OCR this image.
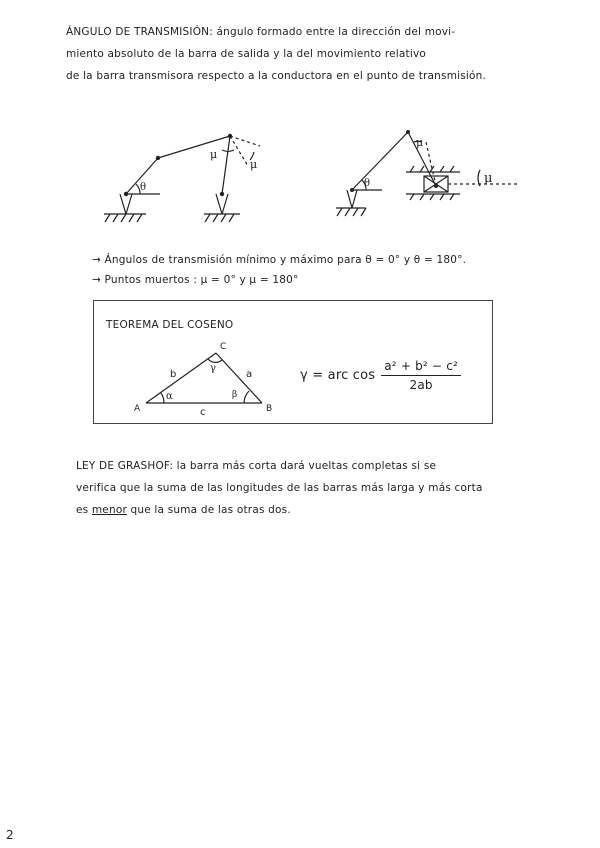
ÁNGULO DE TRANSMISIÓN: ángulo formado entre la dirección del movi-
miento absoluto de la barra de salida y la del movimiento relativo
de la barra transmisora respecto a la conductora en el punto de transmisión.
θ
μ
μ
θ
μ
μ
→ Ángulos de transmisión mínimo y máximo para θ = 0° y θ = 180°.
→ Puntos muertos : μ = 0° y μ = 180°
TEOREMA DEL COSENO
A	B
C
b	a
c
α	β
γ	γ = arc $\cos \frac{\text{a² + b² − c²}}{2ab}$
LEY DE GRASHOF: la barra más corta dará vueltas completas si se
verifica que la suma de las longitudes de las barras más larga y más corta
es menor que la suma de las otras dos.
2
